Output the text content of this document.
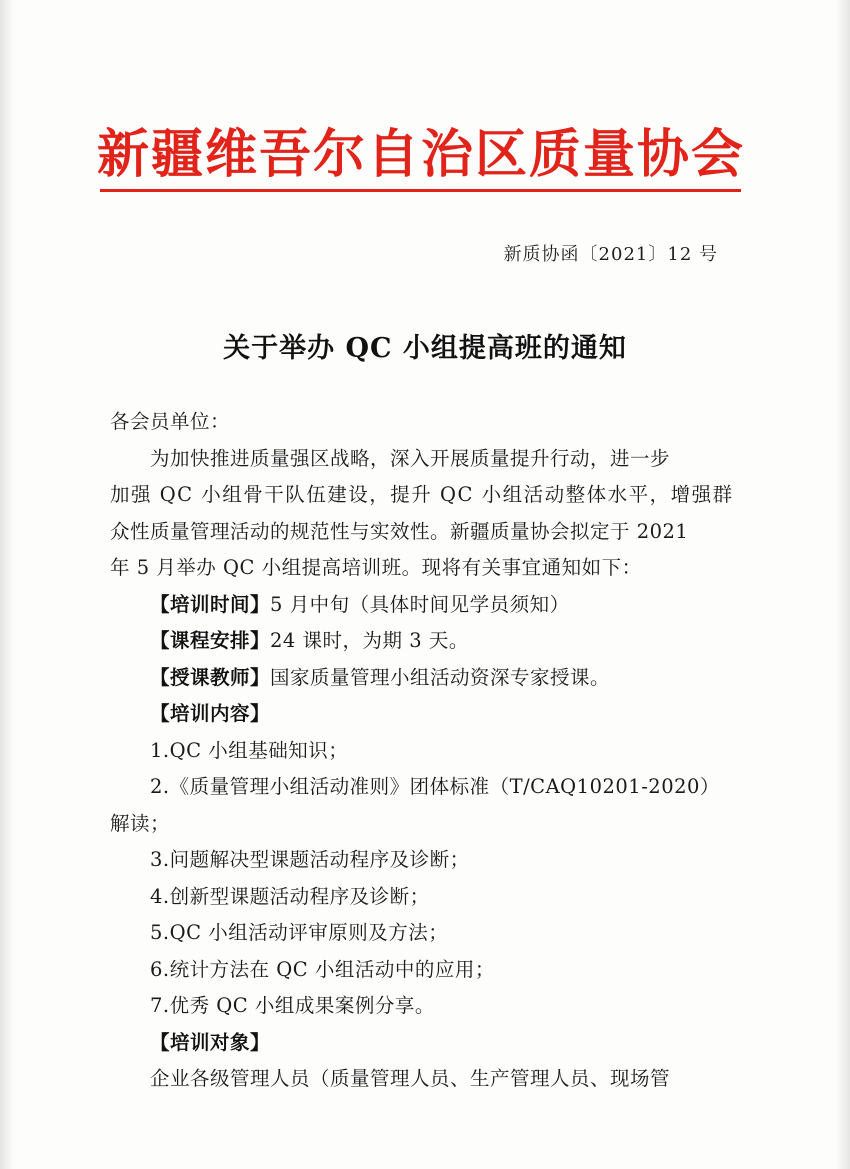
新疆维吾尔自治区质量协会
新质协函〔2021〕12 号
关于举办 QC 小组提高班的通知

各会员单位：

为加快推进质量强区战略，深入开展质量提升行动，进一步

加强 QC 小组骨干队伍建设，提升 QC 小组活动整体水平，增强群

众性质量管理活动的规范性与实效性。新疆质量协会拟定于 2021

年 5 月举办 QC 小组提高培训班。现将有关事宜通知如下：

【培训时间】5 月中旬（具体时间见学员须知）

【课程安排】24 课时，为期 3 天。

【授课教师】国家质量管理小组活动资深专家授课。

【培训内容】

1.QC 小组基础知识；

2.《质量管理小组活动准则》团体标准（T/CAQ10201-2020）

解读；

3.问题解决型课题活动程序及诊断；

4.创新型课题活动程序及诊断；

5.QC 小组活动评审原则及方法；

6.统计方法在 QC 小组活动中的应用；

7.优秀 QC 小组成果案例分享。

【培训对象】

企业各级管理人员（质量管理人员、生产管理人员、现场管
